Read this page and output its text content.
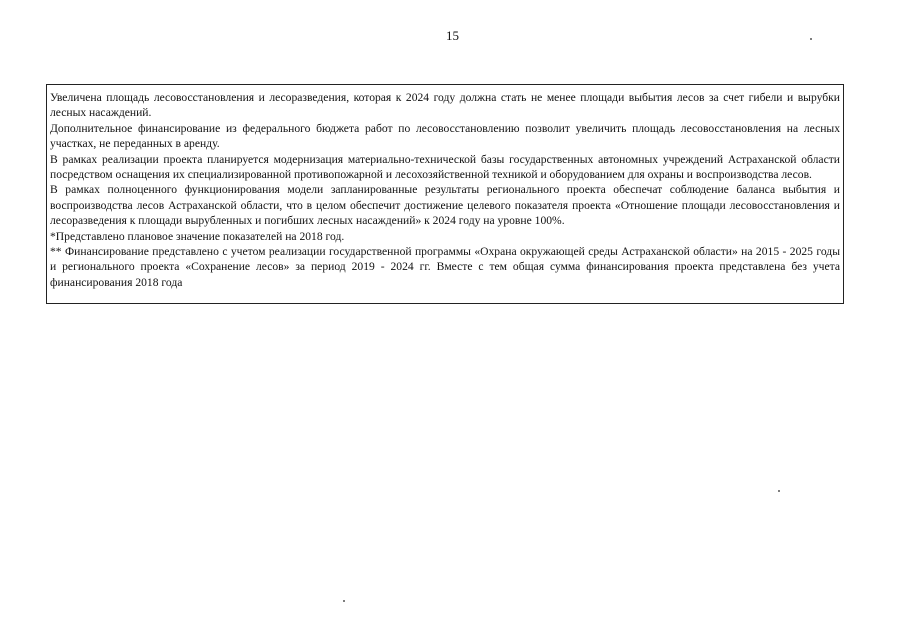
15

Увеличена площадь лесовосстановления и лесоразведения, которая к 2024 году должна стать не менее площади выбытия лесов за счет гибели и вырубки лесных насаждений.

Дополнительное финансирование из федерального бюджета работ по лесовосстановлению позволит увеличить площадь лесовосстановления на лесных участках, не переданных в аренду.

В рамках реализации проекта планируется модернизация материально-технической базы государственных автономных учреждений Астраханской области посредством оснащения их специализированной противопожарной и лесохозяйственной техникой и оборудованием для охраны и воспроизводства лесов.

В рамках полноценного функционирования модели запланированные результаты регионального проекта обеспечат соблюдение баланса выбытия и воспроизводства лесов Астраханской области, что в целом обеспечит достижение целевого показателя проекта «Отношение площади лесовосстановления и лесоразведения к площади вырубленных и погибших лесных насаждений» к 2024 году на уровне 100%.

*Представлено плановое значение показателей на 2018 год.

** Финансирование представлено с учетом реализации государственной программы «Охрана окружающей среды Астраханской области» на 2015 - 2025 годы и регионального проекта «Сохранение лесов» за период 2019 - 2024 гг. Вместе с тем общая сумма финансирования проекта представлена без учета финансирования 2018 года
